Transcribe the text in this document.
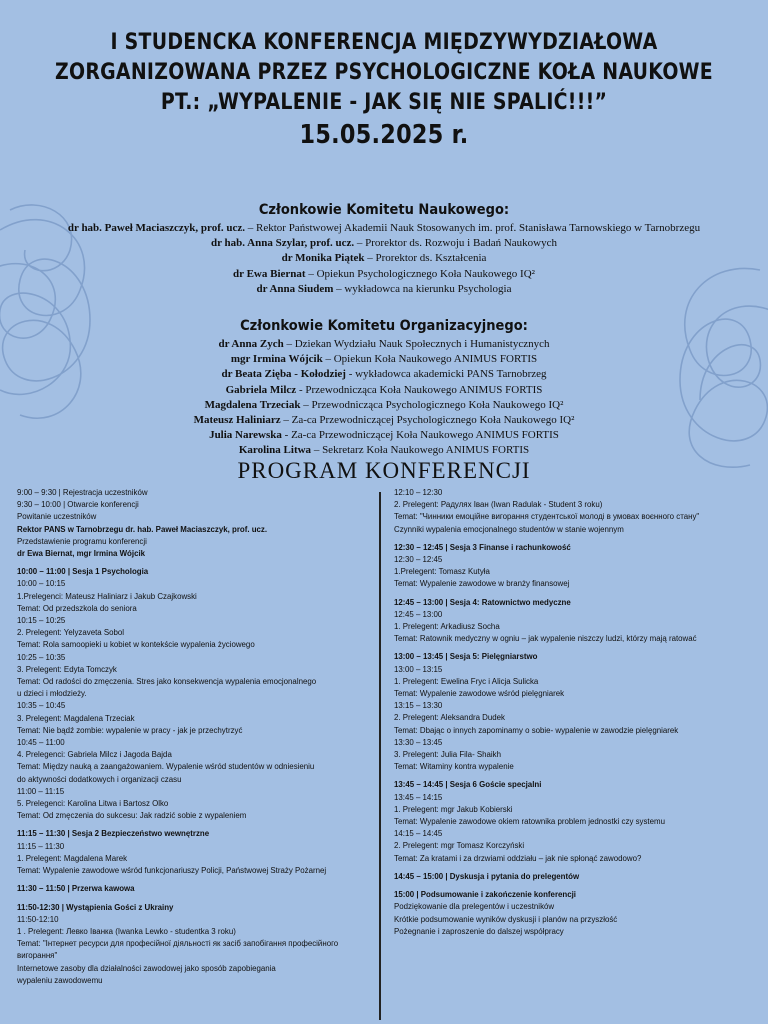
I STUDENCKA KONFERENCJA MIĘDZYWYDZIAŁOWA
ZORGANIZOWANA PRZEZ PSYCHOLOGICZNE KOŁA NAUKOWE
PT.: „WYPALENIE - JAK SIĘ NIE SPALIĆ!!!”
15.05.2025 r.
Członkowie Komitetu Naukowego:
dr hab. Paweł Maciaszczyk, prof. ucz. – Rektor Państwowej Akademii Nauk Stosowanych im. prof. Stanisława Tarnowskiego w Tarnobrzegu
dr hab. Anna Szylar, prof. ucz. – Prorektor ds. Rozwoju i Badań Naukowych
dr Monika Piątek – Prorektor ds. Kształcenia
dr Ewa Biernat – Opiekun Psychologicznego Koła Naukowego IQ²
dr Anna Siudem – wykładowca na kierunku Psychologia
Członkowie Komitetu Organizacyjnego:
dr Anna Zych – Dziekan Wydziału Nauk Społecznych i Humanistycznych
mgr Irmina Wójcik – Opiekun Koła Naukowego ANIMUS FORTIS
dr Beata Zięba - Kołodziej - wykładowca akademicki PANS Tarnobrzeg
Gabriela Milcz - Przewodnicząca Koła Naukowego ANIMUS FORTIS
Magdalena Trzeciak – Przewodnicząca Psychologicznego Koła Naukowego IQ²
Mateusz Haliniarz – Za-ca Przewodniczącej Psychologicznego Koła Naukowego IQ²
Julia Narewska - Za-ca Przewodniczącej Koła Naukowego ANIMUS FORTIS
Karolina Litwa – Sekretarz Koła Naukowego ANIMUS FORTIS
PROGRAM KONFERENCJI
9:00 – 9:30 | Rejestracja uczestników
9:30 – 10:00 | Otwarcie konferencji
Powitanie uczestników
Rektor PANS w Tarnobrzegu dr. hab. Paweł Maciaszczyk, prof. ucz.
Przedstawienie programu konferencji
dr Ewa Biernat, mgr Irmina Wójcik
10:00 – 11:00 | Sesja 1 Psychologia
10:00 – 10:15
1.Prelegenci: Mateusz Haliniarz i Jakub Czajkowski
Temat: Od przedszkola do seniora
10:15 – 10:25
2. Prelegent: Yelyzaveta Sobol
Temat: Rola samoopieki u kobiet w kontekście wypalenia życiowego
10:25 – 10:35
3. Prelegent: Edyta Tomczyk
Temat: Od radości do zmęczenia. Stres jako konsekwencja wypalenia emocjonalnego
u dzieci i młodzieży.
10:35 – 10:45
3. Prelegent: Magdalena Trzeciak
Temat: Nie bądź zombie: wypalenie w pracy - jak je przechytrzyć
10:45 – 11:00
4. Prelegenci: Gabriela Milcz i Jagoda Bajda
Temat: Między nauką a zaangażowaniem. Wypalenie wśród studentów w odniesieniu
do aktywności dodatkowych i organizacji czasu
11:00 – 11:15
5. Prelegenci: Karolina Litwa i Bartosz Olko
Temat: Od zmęczenia do sukcesu: Jak radzić sobie z wypaleniem
11:15 – 11:30 | Sesja 2 Bezpieczeństwo wewnętrzne
11:15 – 11:30
1. Prelegent: Magdalena Marek
Temat: Wypalenie zawodowe wśród funkcjonariuszy Policji, Państwowej Straży Pożarnej
11:30 – 11:50 | Przerwa kawowa
11:50-12:30 | Wystąpienia Gości z Ukrainy
11:50-12:10
1 . Prelegent: Левко Іванка (Iwanka Lewko - studentka 3 roku)
Temat: "Інтернет ресурси для професійної діяльності як засіб запобігання професійного
вигорання"
Internetowe zasoby dla działalności zawodowej jako sposób zapobiegania
wypaleniu zawodowemu
12:10 – 12:30
2. Prelegent: Радулях Іван (Iwan Radulak - Student 3 roku)
Temat: "Чинники емоційне вигорання студентської молоді в умовах воєнного стану"
Czynniki wypalenia emocjonalnego studentów w stanie wojennym
12:30 – 12:45 | Sesja 3 Finanse i rachunkowość
12:30 – 12:45
1.Prelegent: Tomasz Kutyła
Temat: Wypalenie zawodowe w branży finansowej
12:45 – 13:00 | Sesja 4: Ratownictwo medyczne
12:45 – 13:00
1. Prelegent: Arkadiusz Socha
Temat: Ratownik medyczny w ogniu – jak wypalenie niszczy ludzi, którzy mają ratować
13:00 – 13:45 | Sesja 5: Pielęgniarstwo
13:00 – 13:15
1. Prelegent: Ewelina Fryc i Alicja Sulicka
Temat: Wypalenie zawodowe wśród pielęgniarek
13:15 – 13:30
2. Prelegent: Aleksandra Dudek
Temat: Dbając o innych zapominamy o sobie- wypalenie w zawodzie pielęgniarek
13:30 – 13:45
3. Prelegent: Julia Fila- Shaikh
Temat: Witaminy kontra wypalenie
13:45 – 14:45 | Sesja 6 Goście specjalni
13:45 – 14:15
1. Prelegent: mgr Jakub Kobierski
Temat: Wypalenie zawodowe okiem ratownika problem jednostki czy systemu
14:15 – 14:45
2. Prelegent: mgr Tomasz Korczyński
Temat: Za kratami i za drzwiami oddziału – jak nie spłonąć zawodowo?
14:45 – 15:00 | Dyskusja i pytania do prelegentów
15:00 | Podsumowanie i zakończenie konferencji
Podziękowanie dla prelegentów i uczestników
Krótkie podsumowanie wyników dyskusji i planów na przyszłość
Pożegnanie i zaproszenie do dalszej współpracy
